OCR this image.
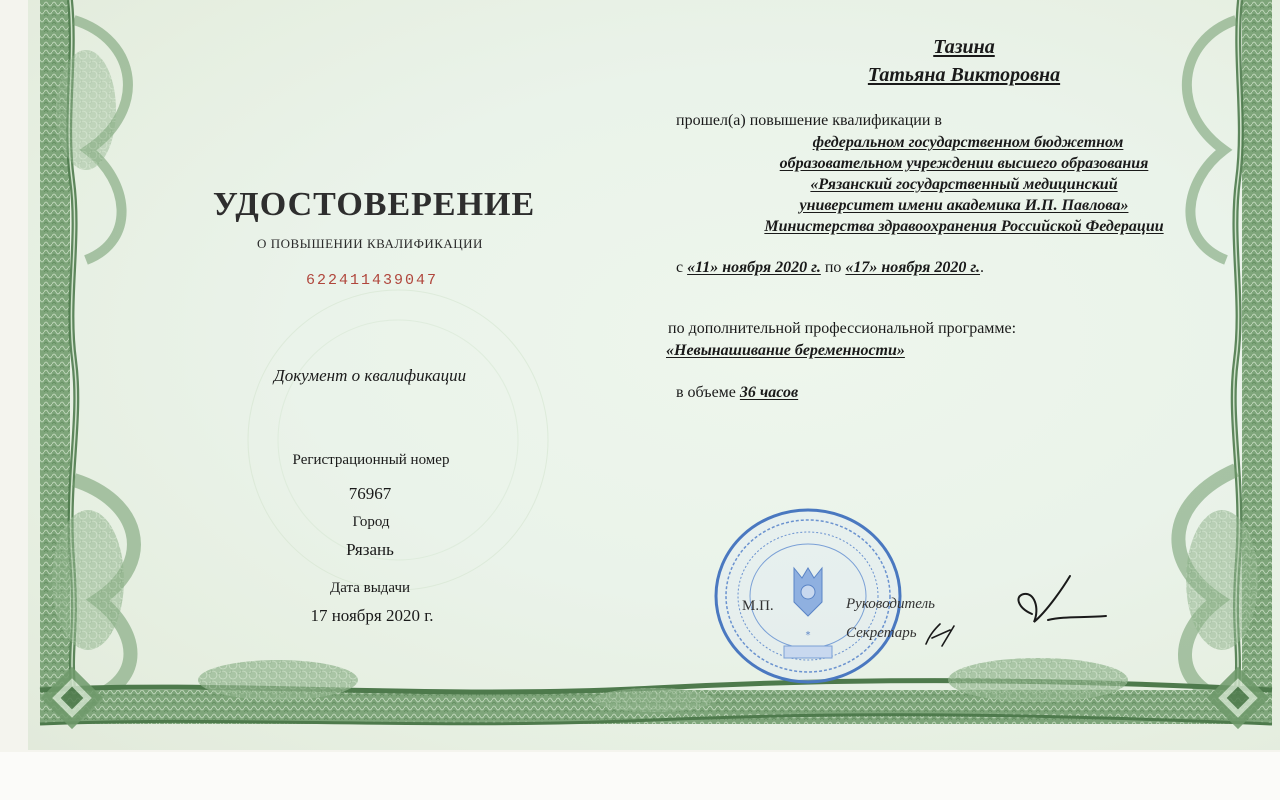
УДОСТОВЕРЕНИЕ
О ПОВЫШЕНИИ КВАЛИФИКАЦИИ
622411439047
Документ о квалификации
Регистрационный номер
76967
Город
Рязань
Дата выдачи
17 ноября 2020 г.
Тазина
Татьяна Викторовна
прошел(а) повышение квалификации в
федеральном государственном бюджетном
образовательном учреждении высшего образования
«Рязанский государственный медицинский
университет имени академика И.П. Павлова»
Министерства здравоохранения Российской Федерации
с «11» ноября 2020 г. по «17» ноября 2020 г..
по дополнительной профессиональной программе:
«Невынашивание беременности»
в объеме 36 часов
*
М.П.	Руководитель
Секретарь
